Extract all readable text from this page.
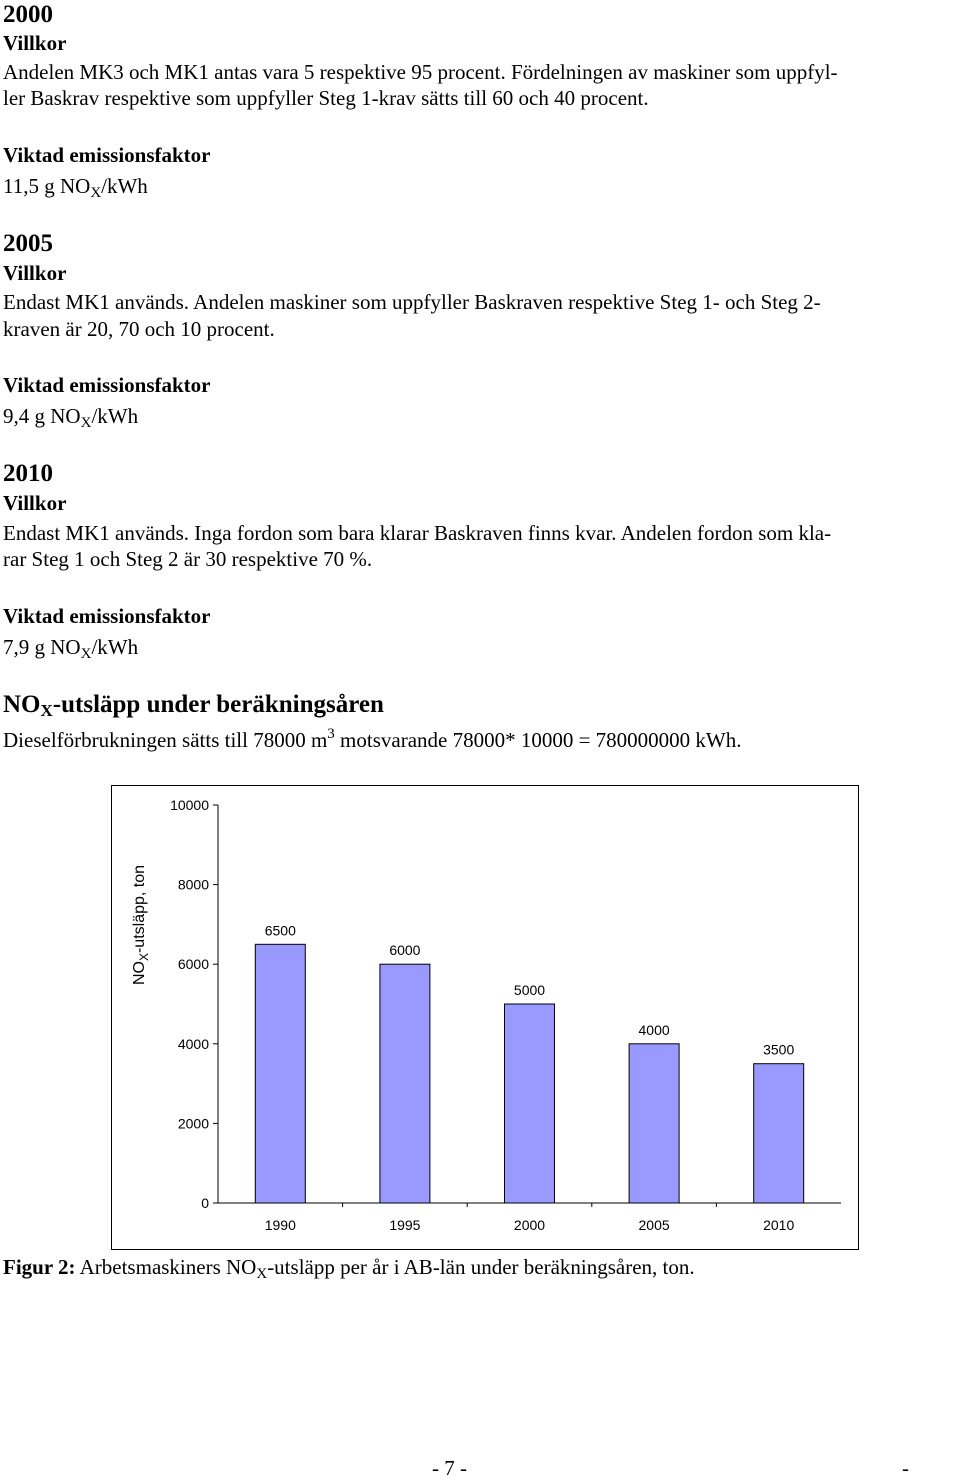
2000
Villkor
Andelen MK3 och MK1 antas vara 5 respektive 95 procent. Fördelningen av maskiner som uppfyl-
ler Baskrav respektive som uppfyller Steg 1-krav sätts till 60 och 40 procent.
Viktad emissionsfaktor
11,5 g $NO_X$/kWh
2005
Villkor
Endast MK1 används. Andelen maskiner som uppfyller Baskraven respektive Steg 1- och Steg 2-
kraven är 20, 70 och 10 procent.
Viktad emissionsfaktor
9,4 g $NO_X$/kWh
2010
Villkor
Endast MK1 används. Inga fordon som bara klarar Baskraven finns kvar. Andelen fordon som kla-
rar Steg 1 och Steg 2 är 30 respektive 70 %.
Viktad emissionsfaktor
7,9 g $NO_X$/kWh
$NO_X$-utsläpp under beräkningsåren
Dieselförbrukningen sätts till 78000 $m^3$ motsvarande 78000* 10000 = 780000000 kWh.
$NO_X$-utsläpp, ton
0
2000
4000
6000
8000
10000
6500
1990
6000
1995
5000
2000
4000
2005
3500
2010
Figur 2: Arbetsmaskiners $NO_X$-utsläpp per år i AB-län under beräkningsåren, ton.
- 7 -	-
